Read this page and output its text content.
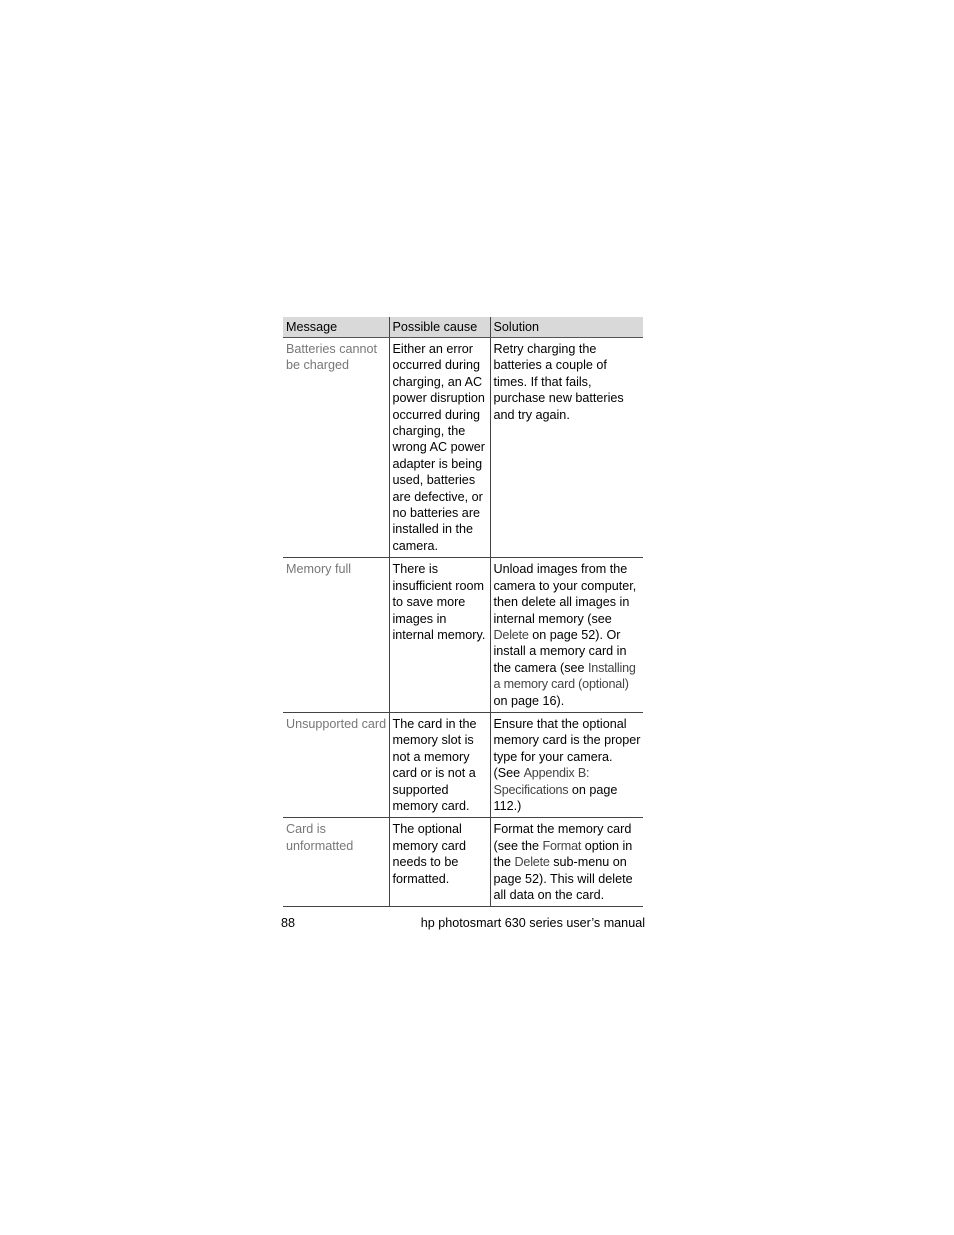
Message	Possible cause	Solution
Batteries cannot be charged	Either an error occurred during charging, an AC power disruption occurred during charging, the wrong AC power adapter is being used, batteries are defective, or no batteries are installed in the camera.	Retry charging the batteries a couple of times. If that fails, purchase new batteries and try again.
Memory full	There is insufficient room to save more images in internal memory.	Unload images from the camera to your computer, then delete all images in internal memory (see Delete on page 52). Or install a memory card in the camera (see Installing a memory card (optional) on page 16).
Unsupported card	The card in the memory slot is not a memory card or is not a supported memory card.	Ensure that the optional memory card is the proper type for your camera. (See Appendix B: Specifications on page 112.)
Card is unformatted	The optional memory card needs to be formatted.	Format the memory card (see the Format option in the Delete sub-menu on page 52). This will delete all data on the card.
88	hp photosmart 630 series user’s manual
